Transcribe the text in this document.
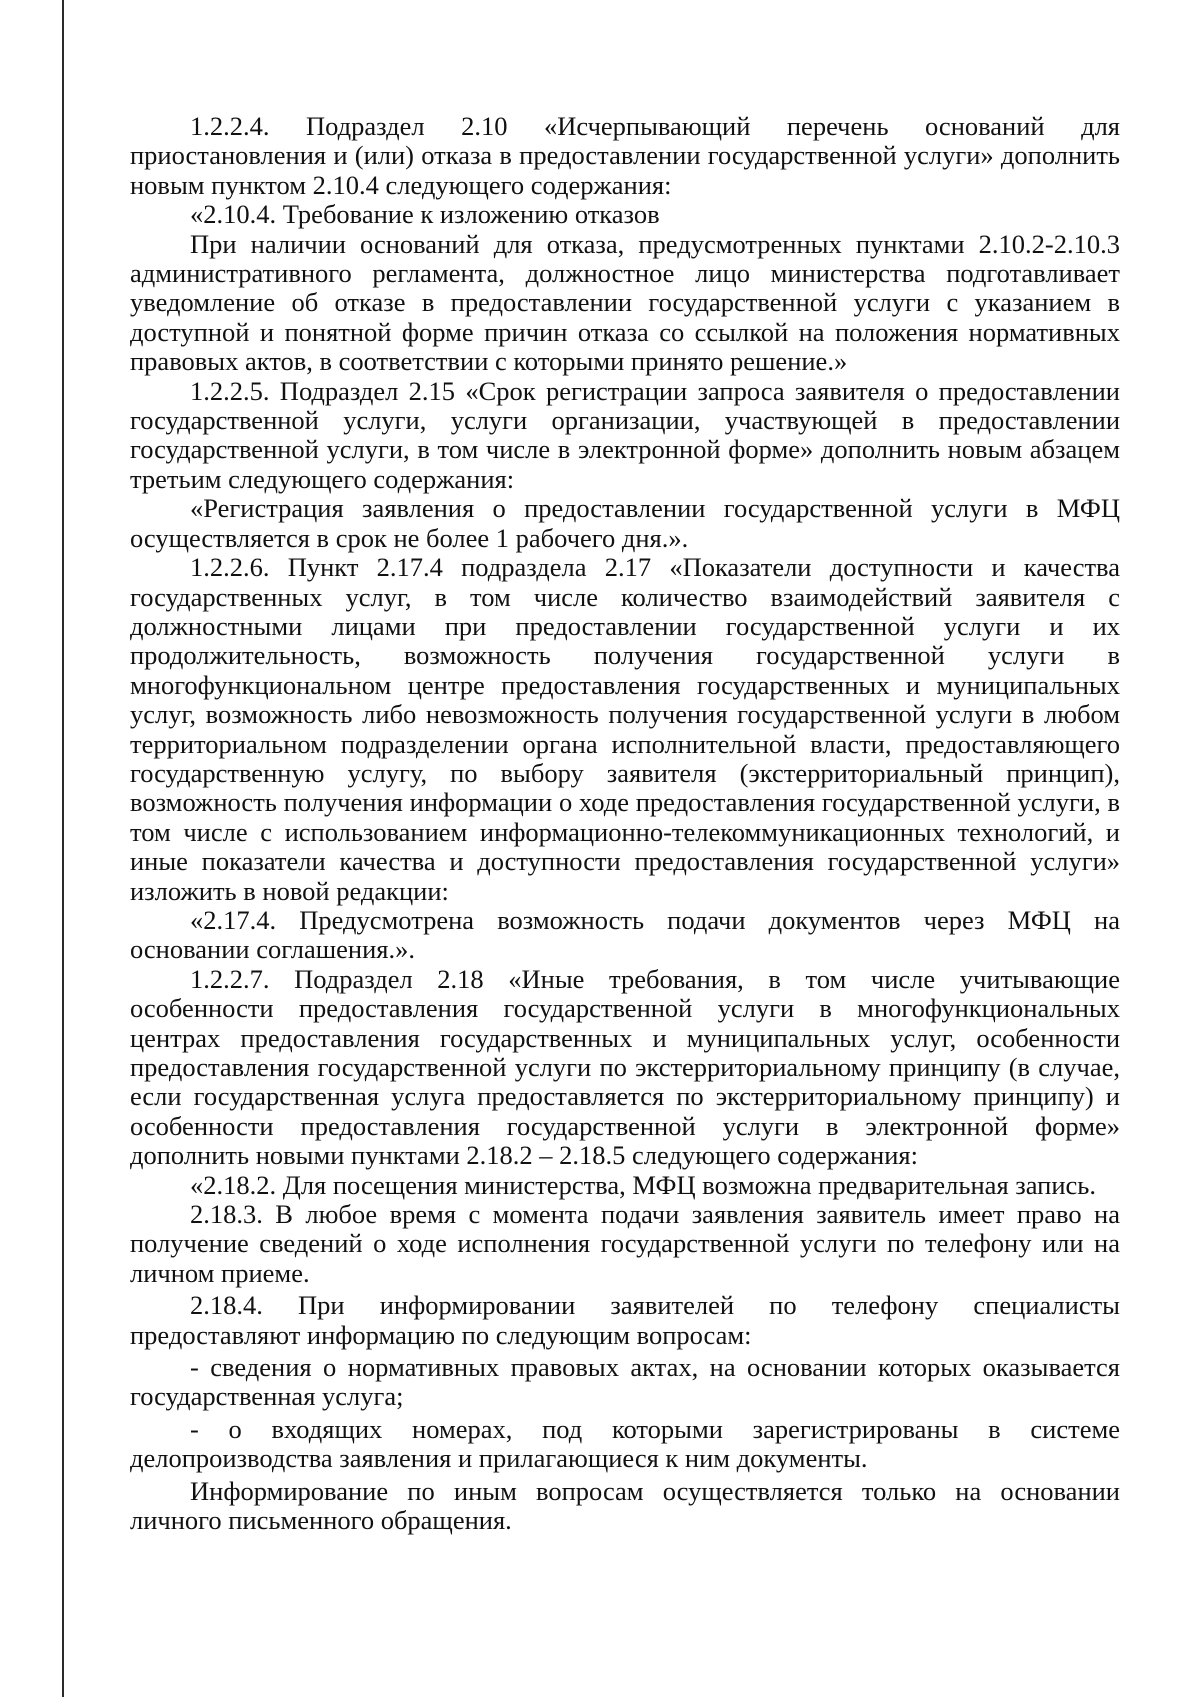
1.2.2.4. Подраздел 2.10 «Исчерпывающий перечень оснований для приостановления и (или) отказа в предоставлении государственной услуги» дополнить новым пунктом 2.10.4 следующего содержания:

«2.10.4. Требование к изложению отказов

При наличии оснований для отказа, предусмотренных пунктами 2.10.2-2.10.3 административного регламента, должностное лицо министерства подготавливает уведомление об отказе в предоставлении государственной услуги с указанием в доступной и понятной форме причин отказа со ссылкой на положения нормативных правовых актов, в соответствии с которыми принято решение.»

1.2.2.5. Подраздел 2.15 «Срок регистрации запроса заявителя о предоставлении государственной услуги, услуги организации, участвующей в предоставлении государственной услуги, в том числе в электронной форме» дополнить новым абзацем третьим следующего содержания:

«Регистрация заявления о предоставлении государственной услуги в МФЦ осуществляется в срок не более 1 рабочего дня.».

1.2.2.6. Пункт 2.17.4 подраздела 2.17 «Показатели доступности и качества государственных услуг, в том числе количество взаимодействий заявителя с должностными лицами при предоставлении государственной услуги и их продолжительность, возможность получения государственной услуги в многофункциональном центре предоставления государственных и муниципальных услуг, возможность либо невозможность получения государственной услуги в любом территориальном подразделении органа исполнительной власти, предоставляющего государственную услугу, по выбору заявителя (экстерриториальный принцип), возможность получения информации о ходе предоставления государственной услуги, в том числе с использованием информационно-телекоммуникационных технологий, и иные показатели качества и доступности предоставления государственной услуги» изложить в новой редакции:

«2.17.4. Предусмотрена возможность подачи документов через МФЦ на основании соглашения.».

1.2.2.7. Подраздел 2.18 «Иные требования, в том числе учитывающие особенности предоставления государственной услуги в многофункциональных центрах предоставления государственных и муниципальных услуг, особенности предоставления государственной услуги по экстерриториальному принципу (в случае, если государственная услуга предоставляется по экстерриториальному принципу) и особенности предоставления государственной услуги в электронной форме» дополнить новыми пунктами 2.18.2 – 2.18.5 следующего содержания:

«2.18.2. Для посещения министерства, МФЦ возможна предварительная запись.

2.18.3. В любое время с момента подачи заявления заявитель имеет право на получение сведений о ходе исполнения государственной услуги по телефону или на личном приеме.

2.18.4. При информировании заявителей по телефону специалисты предоставляют информацию по следующим вопросам:

- сведения о нормативных правовых актах, на основании которых оказывается государственная услуга;

- о входящих номерах, под которыми зарегистрированы в системе делопроизводства заявления и прилагающиеся к ним документы.

Информирование по иным вопросам осуществляется только на основании личного письменного обращения.
